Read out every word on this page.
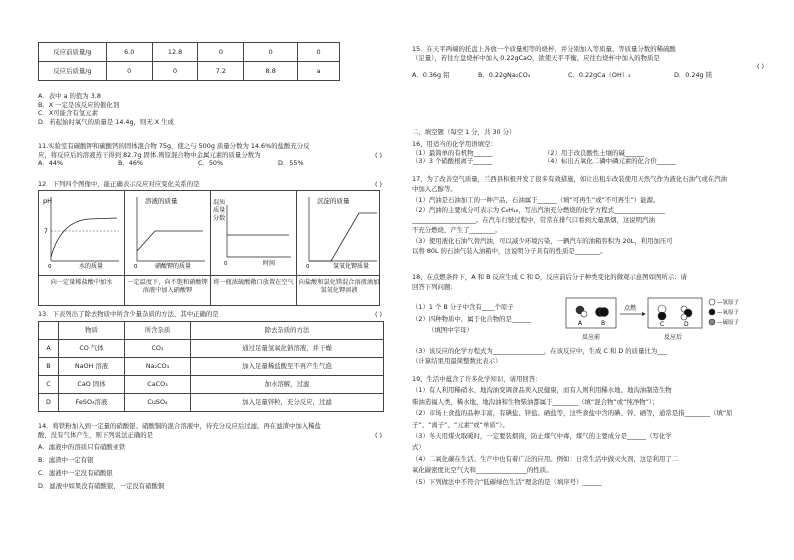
反应前质量/g	6.0	12.8	0	0	0
反应后质量/g	0	0	7.2	8.8	a
A．表中 a 的值为 3.8
B．X 一定是该反应的催化剂
C．X可能含有氢元素
D．若起始时氧气的质量是 14.4g，则无 X 生成
11.实验室有碳酸钾和碳酸钙的固体混合物 75g，使之与 500g 质量分数为 14.6%的盐酸充分反
应，将反应后的溶液蒸干得到 82.7g 固体.则原混合物中金属元素的质量分数为	( )
A．44%	B．46%	C．50%	D．55%
12．下列四个图像中，能正确表示反应对应变化关系的是	( )
pH
7
0	水的质量
向一定量稀盐酸中加水
溶液的质量
0	硝酸钾的质量
一定温度下，向不饱和硝酸钾溶液中加入硝酸钾
混质质量分数
0	时间
将一瓶浓硫酸敞口放置在空气
沉淀的质量
0	氢氧化钾质量
向盐酸和氯化镁混合溶液滴加氢氧化钾溶液
13．下表列出了除去物质中所含少量杂质的方法，其中正确的是	( )
	物质	所含杂质	除去杂质的方法
A	CO 气体	CO₂	通过足量氢氧化钠溶液，并干燥
B	NaOH 溶液	Na₂CO₃	加入足量稀盐酸至不再产生气泡
C	CaO 固体	CaCO₃	加水溶解，过滤
D	FeSO₄溶液	CuSO₄	加入足量锌粒，充分反应，过滤
14．将铁粉加入到一定量的硝酸银、硝酸铜的混合溶液中，待充分反应后过滤，再在滤渣中加入稀盐
酸，没有气体产生，则下列说法正确的是	( )
A．滤液中的溶质只有硝酸亚铁
B．滤渣中一定有银
C．滤液中一定没有硝酸银
D．滤液中如果没有硝酸银，一定没有硝酸铜
15．在天平两端的托盘上各放一个质量相等的烧杯，并分别加入等质量、等质量分数的稀硫酸
（足量），若往左盘烧杯中加入 0.22gCaO，欲使天平平衡，应往右烧杯中加入的物质是
( )
A．0.36g 铝	B．0.22gNa₂CO₃	C．0.22gCa（OH）₂	D．0.24g 镁
二、填空题（每空 1 分，共 30 分）
16、用适当的化学用语填空：
（1）最简单的有机物______	（2）用于改良酸性土壤的碱______
（3）3 个硝酸根离子______	（4）标出五氧化二磷中磷元素的化合价______
17、为了改善空气质量，兰西县积极开发了很多有效措施，如让出租车改装使用天然气作为液化石油气或在汽油
中加入乙醇等。
（1）汽油是石油加工的一种产品，石油属于______（填“可再生”或“不可再生”）能源。
（2）汽油的主要成分可表示为 C₈H₁₈，写出汽油充分燃烧的化学方程式________________
____________________。在汽车行驶过程中，常常在排气口看到大量黑烟，这说明汽油
不充分燃烧，产生了________。
（3）使用液化石油气替汽油，可以减少环境污染，一辆汽车的油箱容积为 20L，利用加压可
以将 80L 的石油气装入油箱中，这说明分子具有的性质是________。
18、在点燃条件下，A 和 B 反应生成 C 和 D，反应前后分子种类变化的微观示意图如图所示：请
回答下列问题：
（1）1 个 B 分子中含有____个原子
（2）四种物质中，属于化合物的是______
（填图中字母）
A	B
反应前
点燃
C	D
反应后
—氢原子
—氧原子
—硫原子
（3）该反应的化学方程式为________________，在该反应中，生成 C 和 D 的质量比为___
（计算结果用最简整数比表示）
19、生活中蕴含了许多化学知识，请用回答：
（1）有人利用稀硝水、地沟油变调食品卖入民健康，而有人则利用稀水地、地沟油制造生物
柴油造福人类，稀水地、地沟油和生物柴油都属于________（填“混合物”或“纯净物”）；
（2）市场上食盐的品种丰富，有碘盐、锌盐、硒盐等，这些食盐中含的碘、锌、硒等，通常是指________（填“原
子”、“离子”、“元素”或“单质”）。
（3）冬天用煤火取暖时，一定要装烟囱，防止煤气中毒，煤气的主要成分是______（写化学
式）
（4）二氧化碳在生活、生产中也有着广泛的应用。例如：日常生活中做灭火剂，这是利用了二
氧化碳密度比空气大和________________的性质。
（5）下列做法中不符合“低碳绿色生活”理念的是（填序号）______
